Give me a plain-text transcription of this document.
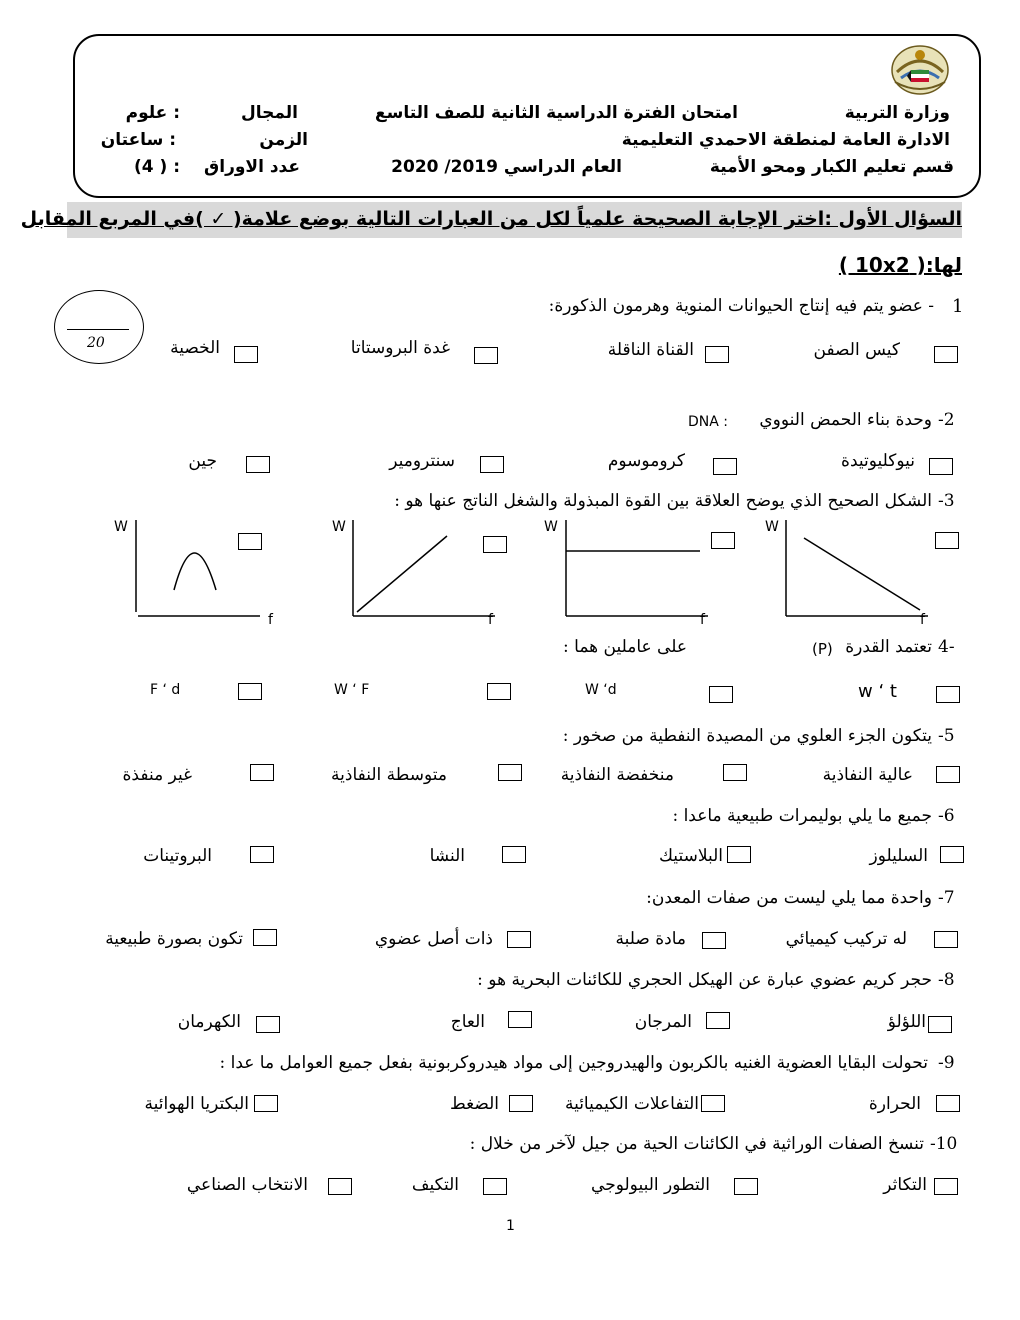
وزارة التربية
الادارة العامة لمنطقة الاحمدي التعليمية
قسم تعليم الكبار ومحو الأمية
امتحان الفترة الدراسية الثانية للصف التاسع
العام الدراسي 2019/ 2020
المجال
: علوم
الزمن
: ساعتان
عدد الاوراق
: ( 4)
السؤال الأول :اختر الإجابة الصحيحة علمياً لكل من العبارات التالية بوضع علامة( ✓ )في المربع المقابل
لها:( 10x2 )
20
1
- عضو يتم فيه إنتاج الحيوانات المنوية وهرمون الذكورة:
كيس الصفن
القناة الناقلة
غدة البروستاتا
الخصية
-2
وحدة بناء الحمض النووي
DNA :
نيوكليوتيدة
كروموسوم
سنترومير
جين
-3
الشكل الصحيح الذي يوضح العلاقة بين القوة المبذولة والشغل الناتج عنها هو :
W
f
W
f
W
f
W
f
4-
تعتمد القدرة
(P)
على عاملين هما :
w ‘ t
W ‘d
W ‘ F
F ‘ d
-5
يتكون الجزء العلوي من المصيدة النفطية من صخور :
عالية النفاذية
منخفضة النفاذية
متوسطة النفاذية
غير منفذة
-6
جميع ما يلي بوليمرات طبيعية ماعدا :
السليلوز
البلاستيك
النشا
البروتينات
-7
واحدة مما يلي ليست من صفات المعدن:
له تركيب كيميائي
مادة صلبة
ذات أصل عضوي
تكون بصورة طبيعية
-8
حجر كريم عضوي عبارة عن الهيكل الحجري للكائنات البحرية هو :
اللؤلؤ
المرجان
العاج
الكهرمان
-9
تحولت البقايا العضوية الغنيه بالكربون والهيدروجين إلى مواد هيدروكربونية بفعل جميع العوامل ما عدا :
الحرارة
التفاعلات الكيميائية
الضغط
البكتريا الهوائية
-10
تنسخ الصفات الوراثية في الكائنات الحية من جيل لآخر من خلال :
التكاثر
التطور البيولوجي
التكيف
الانتخاب الصناعي
1
